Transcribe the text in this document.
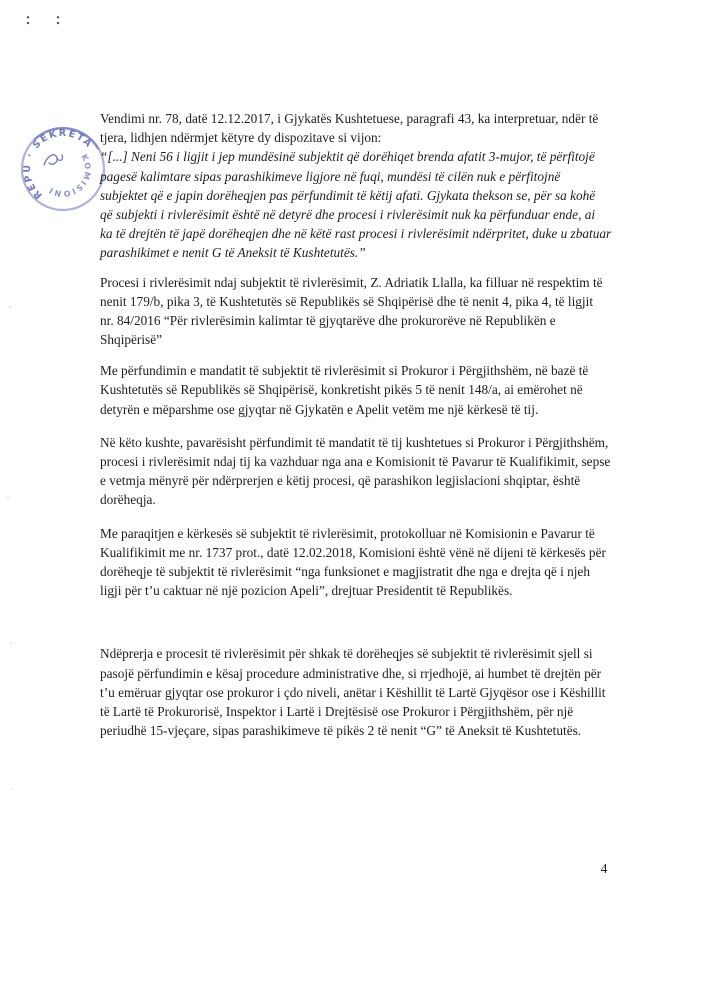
: :
REPU · SEKRETA
KOMISIONI
Vendimi nr. 78, datë 12.12.2017, i Gjykatës Kushtetuese, paragrafi 43, ka interpretuar, ndër të
tjera, lidhjen ndërmjet këtyre dy dispozitave si vijon:
“[...] Neni 56 i ligjit i jep mundësinë subjektit që dorëhiqet brenda afatit 3-mujor, të përfitojë
pagesë kalimtare sipas parashikimeve ligjore në fuqi, mundësi të cilën nuk e përfitojnë
subjektet që e japin dorëheqjen pas përfundimit të këtij afati. Gjykata thekson se, për sa kohë
që subjekti i rivlerësimit është në detyrë dhe procesi i rivlerësimit nuk ka përfunduar ende, ai
ka të drejtën të japë dorëheqjen dhe në këtë rast procesi i rivlerësimit ndërpritet, duke u zbatuar
parashikimet e nenit G të Aneksit të Kushtetutës.”
Procesi i rivlerësimit ndaj subjektit të rivlerësimit, Z. Adriatik Llalla, ka filluar në respektim të
nenit 179/b, pika 3, të Kushtetutës së Republikës së Shqipërisë dhe të nenit 4, pika 4, të ligjit
nr. 84/2016 “Për rivlerësimin kalimtar të gjyqtarëve dhe prokurorëve në Republikën e
Shqipërisë”
Me përfundimin e mandatit të subjektit të rivlerësimit si Prokuror i Përgjithshëm, në bazë të
Kushtetutës së Republikës së Shqipërisë, konkretisht pikës 5 të nenit 148/a, ai emërohet në
detyrën e mëparshme ose gjyqtar në Gjykatën e Apelit vetëm me një kërkesë të tij.
Në këto kushte, pavarësisht përfundimit të mandatit të tij kushtetues si Prokuror i Përgjithshëm,
procesi i rivlerësimit ndaj tij ka vazhduar nga ana e Komisionit të Pavarur të Kualifikimit, sepse
e vetmja mënyrë për ndërprerjen e këtij procesi, që parashikon legjislacioni shqiptar, është
dorëheqja.
Me paraqitjen e kërkesës së subjektit të rivlerësimit, protokolluar në Komisionin e Pavarur të
Kualifikimit me nr. 1737 prot., datë 12.02.2018, Komisioni është vënë në dijeni të kërkesës për
dorëheqje të subjektit të rivlerësimit “nga funksionet e magjistratit dhe nga e drejta që i njeh
ligji për t’u caktuar në një pozicion Apeli”, drejtuar Presidentit të Republikës.
Ndëprerja e procesit të rivlerësimit për shkak të dorëheqjes së subjektit të rivlerësimit sjell si
pasojë përfundimin e kësaj procedure administrative dhe, si rrjedhojë, ai humbet të drejtën për
t’u emëruar gjyqtar ose prokuror i çdo niveli, anëtar i Këshillit të Lartë Gjyqësor ose i Këshillit
të Lartë të Prokurorisë, Inspektor i Lartë i Drejtësisë ose Prokuror i Përgjithshëm, për një
periudhë 15-vjeçare, sipas parashikimeve të pikës 2 të nenit “G” të Aneksit të Kushtetutës.
4
